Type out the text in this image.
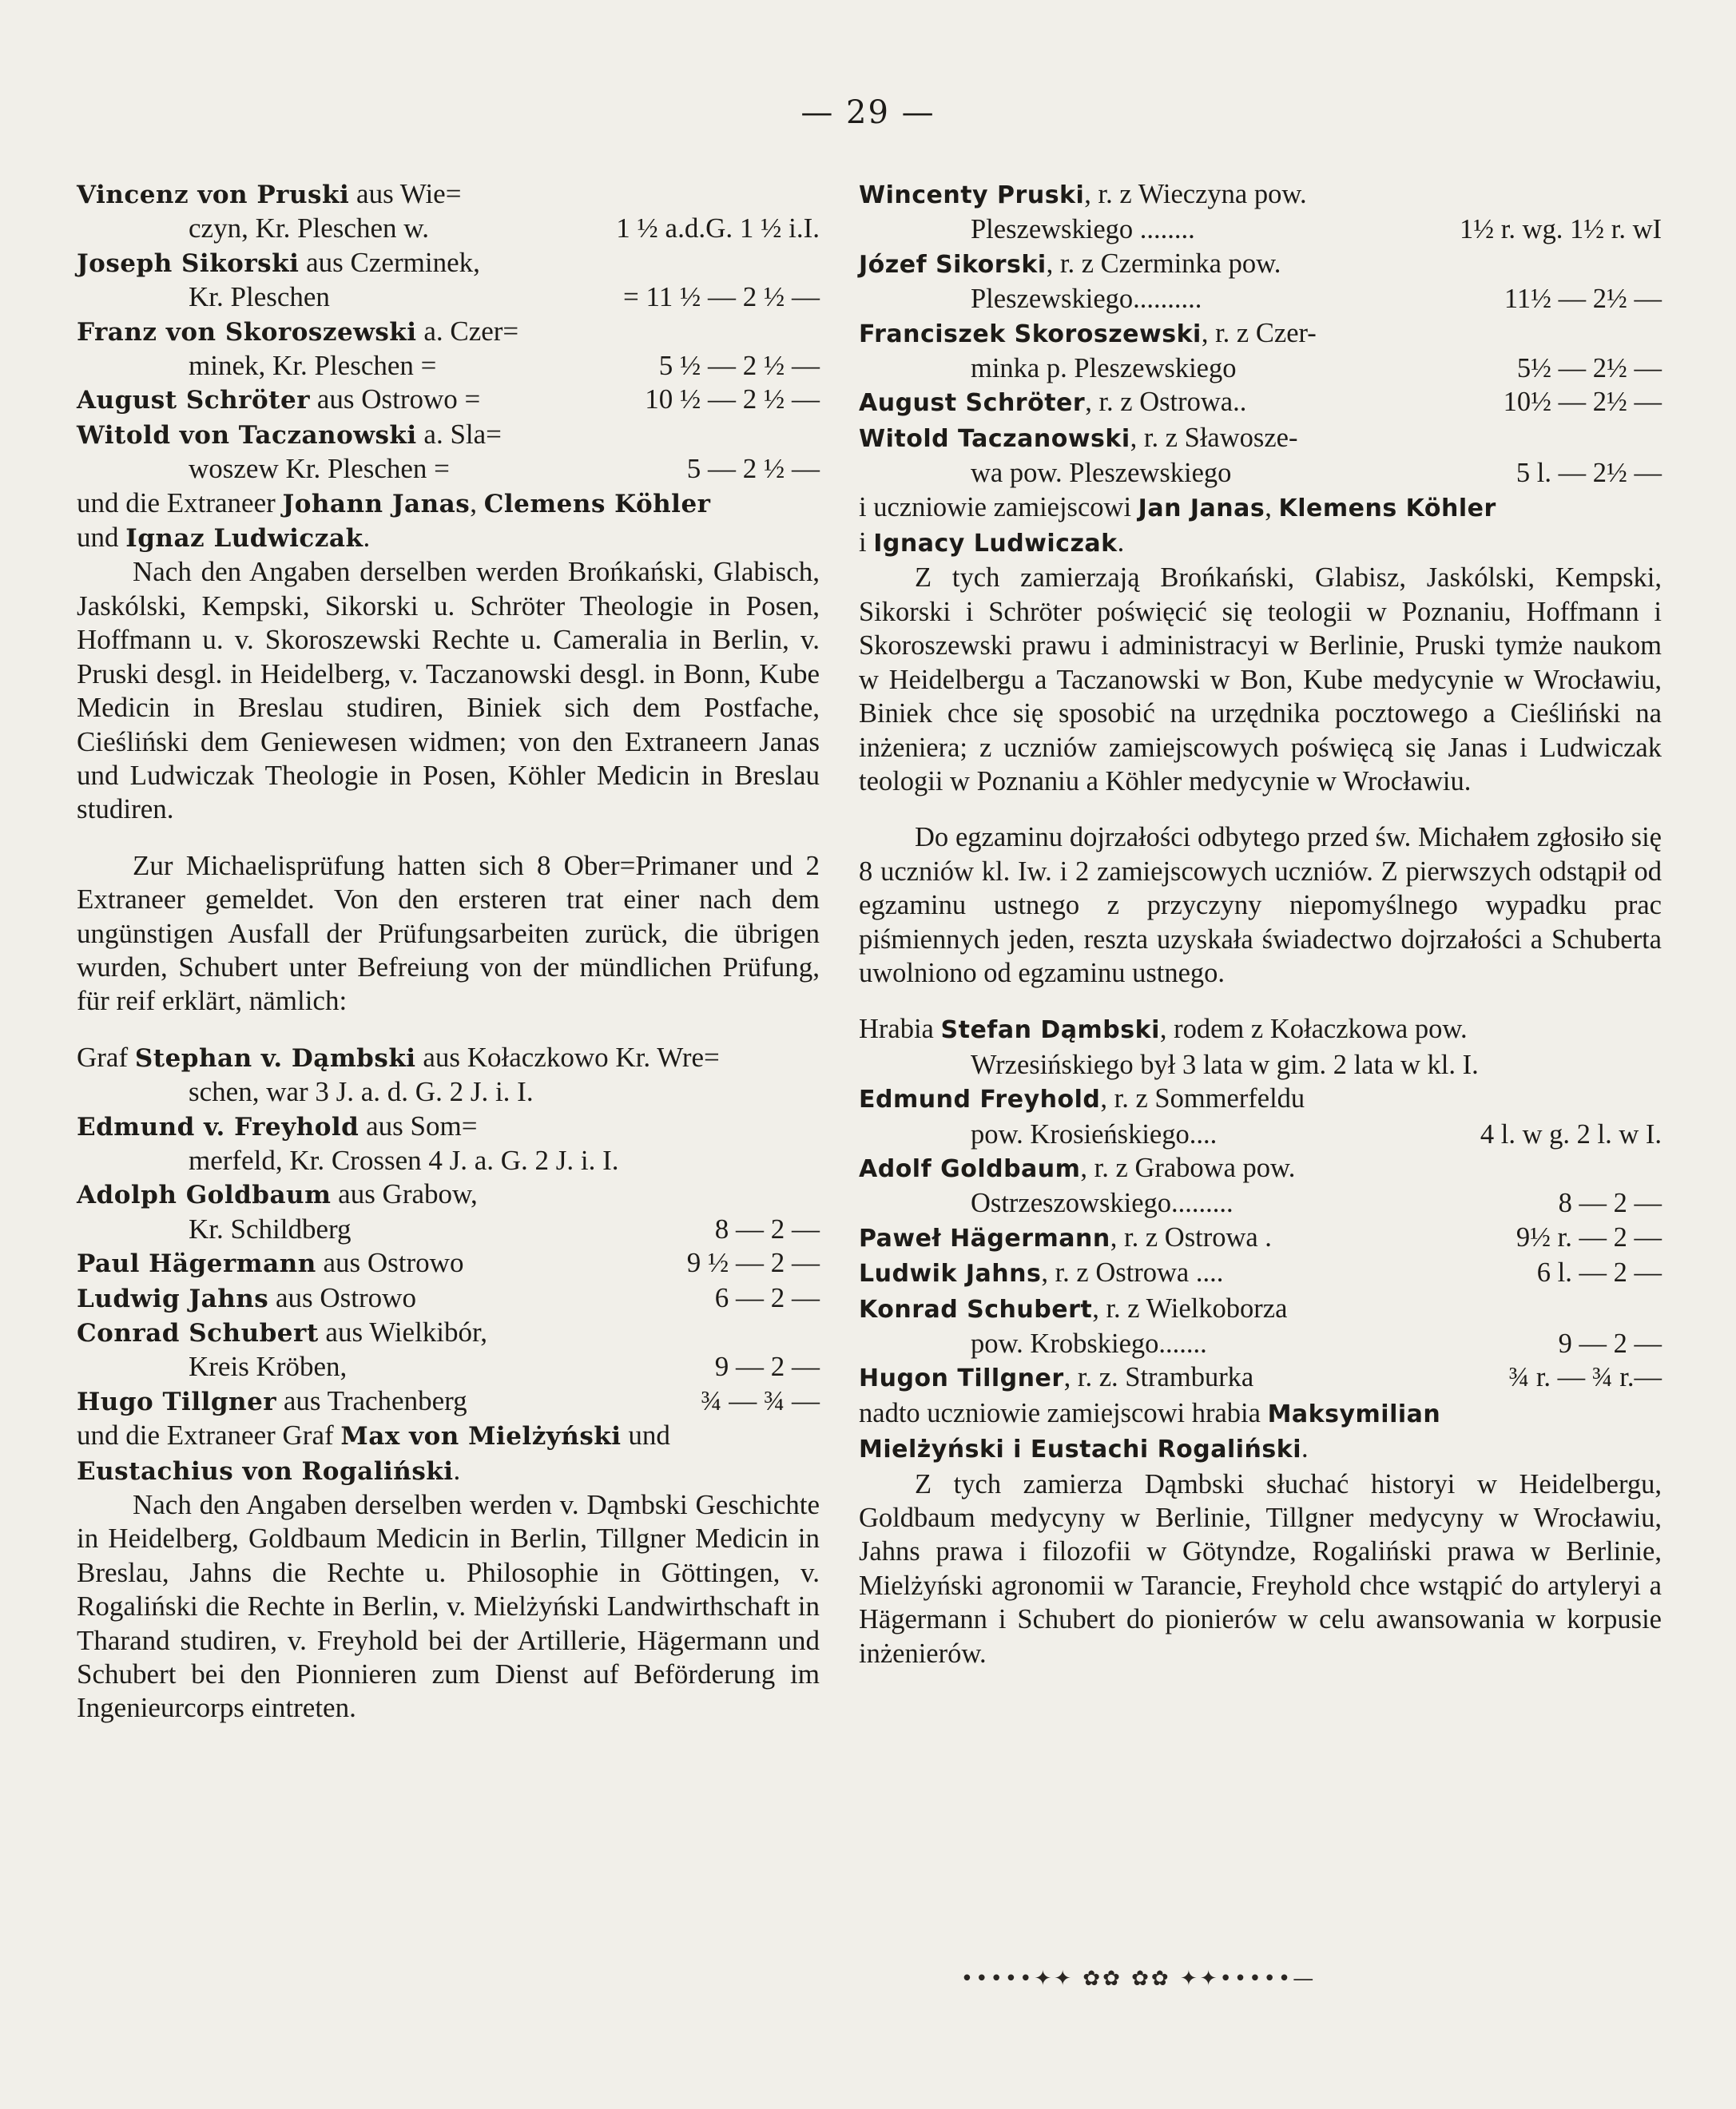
— 29 —
Vincenz von Pruski aus Wie=
czyn, Kr. Pleschen w.	1 ½ a.d.G. 1 ½ i.I.
Joseph Sikorski aus Czerminek,
Kr. Pleschen	= 11 ½ — 2 ½ —
Franz von Skoroszewski a. Czer=
minek, Kr. Pleschen =	5 ½ — 2 ½ —
August Schröter aus Ostrowo =	10 ½ — 2 ½ —
Witold von Taczanowski a. Sla=
woszew Kr. Pleschen =	5 — 2 ½ —
und die Extraneer Johann Janas, Clemens Köhler
und Ignaz Ludwiczak.

Nach den Angaben derselben werden Brońkański, Glabisch, Jaskólski, Kempski, Sikorski u. Schröter Theologie in Posen, Hoffmann u. v. Skoroszewski Rechte u. Cameralia in Berlin, v. Pruski desgl. in Heidelberg, v. Taczanowski desgl. in Bonn, Kube Medicin in Breslau studiren, Biniek sich dem Postfache, Cieśliński dem Geniewesen widmen; von den Extraneern Janas und Ludwiczak Theologie in Posen, Köhler Medicin in Breslau studiren.

Zur Michaelisprüfung hatten sich 8 Ober=Primaner und 2 Extraneer gemeldet. Von den ersteren trat einer nach dem ungünstigen Ausfall der Prüfungsarbeiten zurück, die übrigen wurden, Schubert unter Befreiung von der mündlichen Prüfung, für reif erklärt, nämlich:

Graf Stephan v. Dąmbski aus Kołaczkowo Kr. Wre=
schen, war 3 J. a. d. G. 2 J. i. I.
Edmund v. Freyhold aus Som=
merfeld, Kr. Crossen 4 J. a. G. 2 J. i. I.
Adolph Goldbaum aus Grabow,
Kr. Schildberg	8 — 2 —
Paul Hägermann aus Ostrowo	9 ½ — 2 —
Ludwig Jahns aus Ostrowo	6 — 2 —
Conrad Schubert aus Wielkibór,
Kreis Kröben,	9 — 2 —
Hugo Tillgner aus Trachenberg	¾ — ¾ —
und die Extraneer Graf Max von Mielżyński und
Eustachius von Rogaliński.

Nach den Angaben derselben werden v. Dąmbski Geschichte in Heidelberg, Goldbaum Medicin in Berlin, Tillgner Medicin in Breslau, Jahns die Rechte u. Philosophie in Göttingen, v. Rogaliński die Rechte in Berlin, v. Mielżyński Landwirthschaft in Tharand studiren, v. Freyhold bei der Artillerie, Hägermann und Schubert bei den Pionnieren zum Dienst auf Beförderung im Ingenieurcorps eintreten.

Wincenty Pruski, r. z Wieczyna pow.
Pleszewskiego ........	1½ r. wg. 1½ r. wI
Józef Sikorski, r. z Czerminka pow.
Pleszewskiego..........	11½ — 2½ —
Franciszek Skoroszewski, r. z Czer-
minka p. Pleszewskiego	5½ — 2½ —
August Schröter, r. z Ostrowa..	10½ — 2½ —
Witold Taczanowski, r. z Sławosze-
wa pow. Pleszewskiego	5 l. — 2½ —
i uczniowie zamiejscowi Jan Janas, Klemens Köhler
i Ignacy Ludwiczak.

Z tych zamierzają Brońkański, Glabisz, Jaskólski, Kempski, Sikorski i Schröter poświęcić się teologii w Poznaniu, Hoffmann i Skoroszewski prawu i administracyi w Berlinie, Pruski tymże naukom w Heidelbergu a Taczanowski w Bon, Kube medycynie w Wrocławiu, Biniek chce się sposobić na urzędnika pocztowego a Cieśliński na inżeniera; z uczniów zamiejscowych poświęcą się Janas i Ludwiczak teologii w Poznaniu a Köhler medycynie w Wrocławiu.

Do egzaminu dojrzałości odbytego przed św. Michałem zgłosiło się 8 uczniów kl. Iw. i 2 zamiejscowych uczniów. Z pierwszych odstąpił od egzaminu ustnego z przyczyny niepomyślnego wypadku prac piśmiennych jeden, reszta uzyskała świadectwo dojrzałości a Schuberta uwolniono od egzaminu ustnego.

Hrabia Stefan Dąmbski, rodem z Kołaczkowa pow.
Wrzesińskiego był 3 lata w gim. 2 lata w kl. I.
Edmund Freyhold, r. z Sommerfeldu
pow. Krosieńskiego....	4 l. w g. 2 l. w I.
Adolf Goldbaum, r. z Grabowa pow.
Ostrzeszowskiego.........	8 — 2 —
Paweł Hägermann, r. z Ostrowa .	9½ r. — 2 —
Ludwik Jahns, r. z Ostrowa ....	6 l. — 2 —
Konrad Schubert, r. z Wielkoborza
pow. Krobskiego.......	9 — 2 —
Hugon Tillgner, r. z. Stramburka	¾ r. — ¾ r.—
nadto uczniowie zamiejscowi hrabia Maksymilian
Mielżyński i Eustachi Rogaliński.

Z tych zamierza Dąmbski słuchać historyi w Heidelbergu, Goldbaum medycyny w Berlinie, Tillgner medycyny w Wrocławiu, Jahns prawa i filozofii w Götyndze, Rogaliński prawa w Berlinie, Mielżyński agronomii w Tarancie, Freyhold chce wstąpić do artyleryi a Hägermann i Schubert do pionierów w celu awansowania w korpusie inżenierów.

•••••✦✦ ✿✿ ✿✿ ✦✦•••••—
